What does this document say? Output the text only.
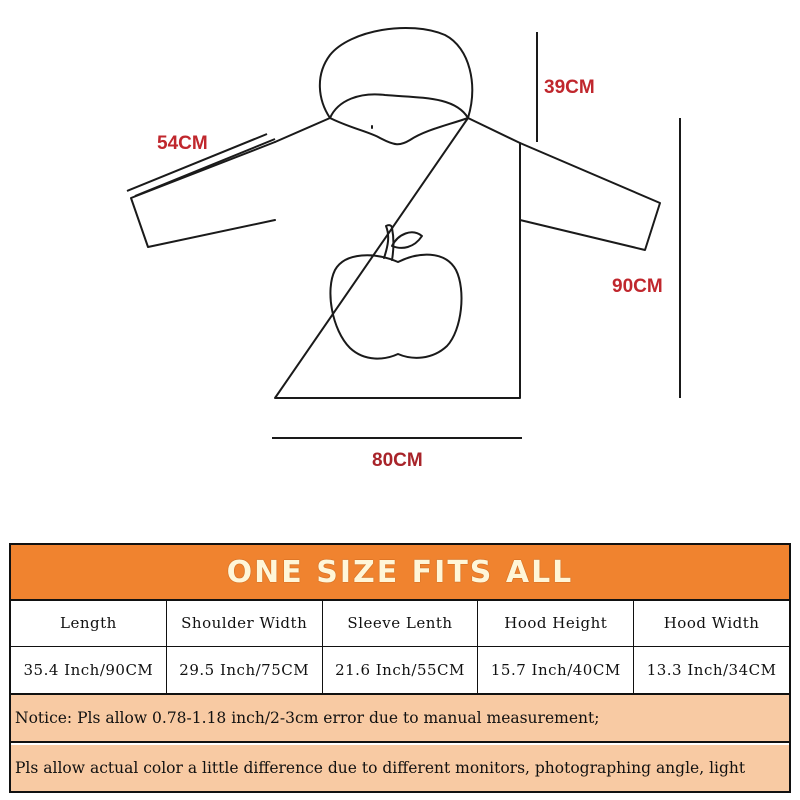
54CM
39CM
90CM
80CM
ONE SIZE FITS ALL
Length	Shoulder Width	Sleeve Lenth	Hood Height	Hood Width
35.4 Inch/90CM	29.5 Inch/75CM	21.6 Inch/55CM	15.7 Inch/40CM	13.3 Inch/34CM
Notice: Pls allow 0.78-1.18 inch/2-3cm error due to manual measurement;
Pls allow actual color a little difference due to different monitors, photographing angle, light
